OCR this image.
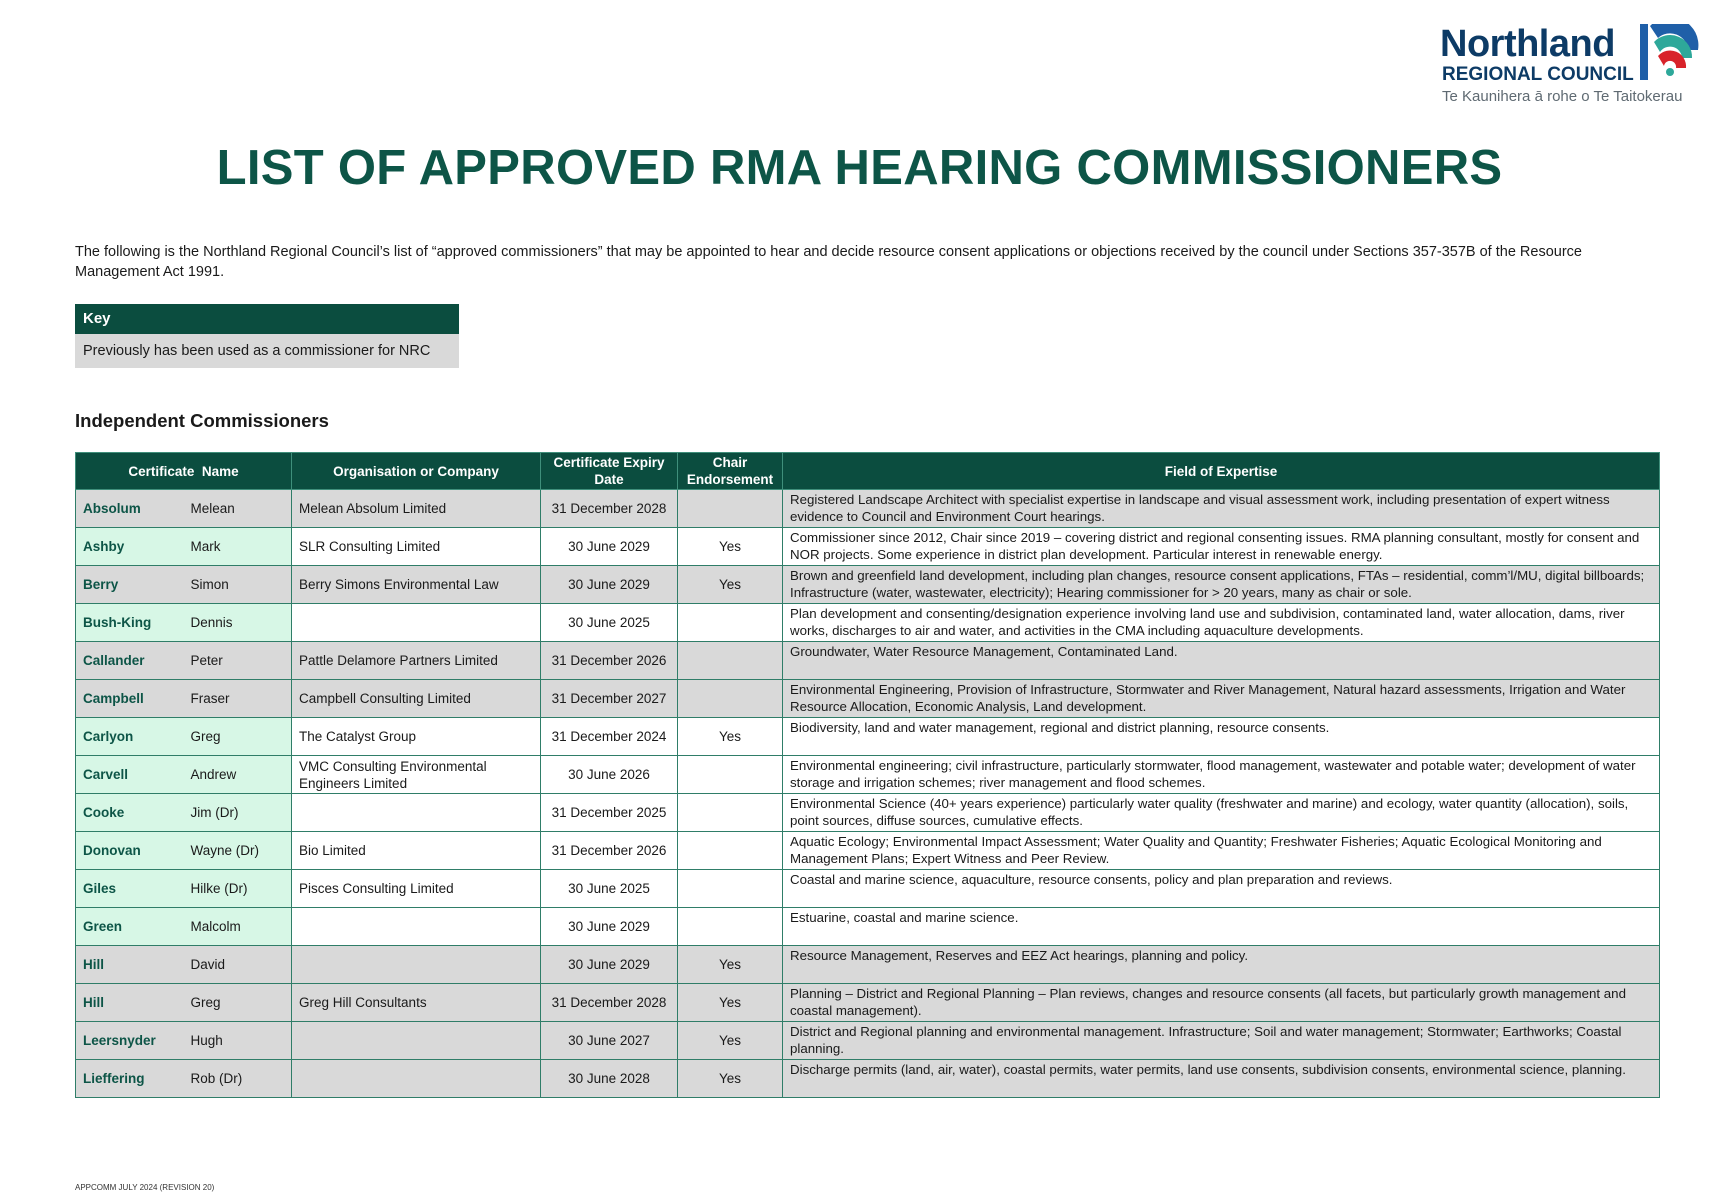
Northland
REGIONAL COUNCIL
Te Kaunihera ā rohe o Te Taitokerau
LIST OF APPROVED RMA HEARING COMMISSIONERS
The following is the Northland Regional Council’s list of “approved commissioners” that may be appointed to hear and decide resource consent applications or objections received by the council under Sections 357-357B of the Resource Management Act 1991.
Key
Previously has been used as a commissioner for NRC
Independent Commissioners
Certificate  Name		Organisation or Company	Certificate Expiry Date	Chair Endorsement	Field of Expertise
Absolum	Melean	Melean Absolum Limited	31 December 2028		Registered Landscape Architect with specialist expertise in landscape and visual assessment work, including presentation of expert witness evidence to Council and Environment Court hearings.
Ashby	Mark	SLR Consulting Limited	30 June 2029	Yes	Commissioner since 2012, Chair since 2019 – covering district and regional consenting issues. RMA planning consultant, mostly for consent and NOR projects. Some experience in district plan development. Particular interest in renewable energy.
Berry	Simon	Berry Simons Environmental Law	30 June 2029	Yes	Brown and greenfield land development, including plan changes, resource consent applications, FTAs – residential, comm’l/MU, digital billboards; Infrastructure (water, wastewater, electricity); Hearing commissioner for > 20 years, many as chair or sole.
Bush-King	Dennis		30 June 2025		Plan development and consenting/designation experience involving land use and subdivision, contaminated land, water allocation, dams, river works, discharges to air and water, and activities in the CMA including aquaculture developments.
Callander	Peter	Pattle Delamore Partners Limited	31 December 2026		Groundwater, Water Resource Management, Contaminated Land.
Campbell	Fraser	Campbell Consulting Limited	31 December 2027		Environmental Engineering, Provision of Infrastructure, Stormwater and River Management, Natural hazard assessments, Irrigation and Water Resource Allocation, Economic Analysis, Land development.
Carlyon	Greg	The Catalyst Group	31 December 2024	Yes	Biodiversity, land and water management, regional and district planning, resource consents.
Carvell	Andrew	VMC Consulting Environmental Engineers Limited	30 June 2026		Environmental engineering; civil infrastructure, particularly stormwater, flood management, wastewater and potable water; development of water storage and irrigation schemes; river management and flood schemes.
Cooke	Jim (Dr)		31 December 2025		Environmental Science (40+ years experience) particularly water quality (freshwater and marine) and ecology, water quantity (allocation), soils, point sources, diffuse sources, cumulative effects.
Donovan	Wayne (Dr)	Bio Limited	31 December 2026		Aquatic Ecology; Environmental Impact Assessment; Water Quality and Quantity; Freshwater Fisheries; Aquatic Ecological Monitoring and Management Plans; Expert Witness and Peer Review.
Giles	Hilke (Dr)	Pisces Consulting Limited	30 June 2025		Coastal and marine science, aquaculture, resource consents, policy and plan preparation and reviews.
Green	Malcolm		30 June 2029		Estuarine, coastal and marine science.
Hill	David		30 June 2029	Yes	Resource Management, Reserves and EEZ Act hearings, planning and policy.
Hill	Greg	Greg Hill Consultants	31 December 2028	Yes	Planning – District and Regional Planning – Plan reviews, changes and resource consents (all facets, but particularly growth management and coastal management).
Leersnyder	Hugh		30 June 2027	Yes	District and Regional planning and environmental management. Infrastructure; Soil and water management; Stormwater; Earthworks; Coastal planning.
Lieffering	Rob (Dr)		30 June 2028	Yes	Discharge permits (land, air, water), coastal permits, water permits, land use consents, subdivision consents, environmental science, planning.
APPCOMM JULY 2024 (REVISION 20)
